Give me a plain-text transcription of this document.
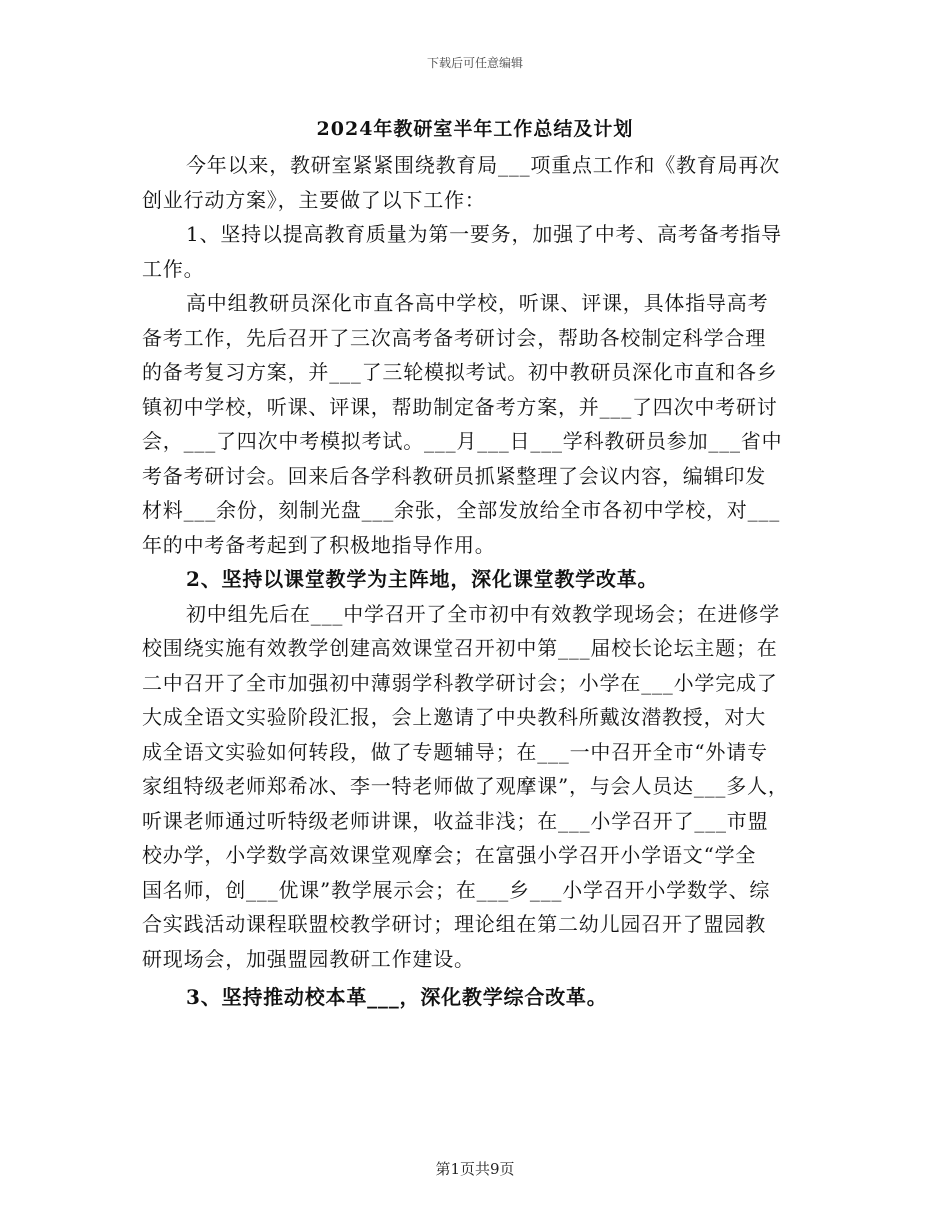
下载后可任意编辑
2024年教研室半年工作总结及计划
今年以来，教研室紧紧围绕教育局___项重点工作和《教育局再次
创业行动方案》，主要做了以下工作：
1、坚持以提高教育质量为第一要务，加强了中考、高考备考指导
工作。
高中组教研员深化市直各高中学校，听课、评课，具体指导高考
备考工作，先后召开了三次高考备考研讨会，帮助各校制定科学合理
的备考复习方案，并___了三轮模拟考试。初中教研员深化市直和各乡
镇初中学校，听课、评课，帮助制定备考方案，并___了四次中考研讨
会，___了四次中考模拟考试。___月___日___学科教研员参加___省中
考备考研讨会。回来后各学科教研员抓紧整理了会议内容，编辑印发
材料___余份，刻制光盘___余张，全部发放给全市各初中学校，对___
年的中考备考起到了积极地指导作用。
2、坚持以课堂教学为主阵地，深化课堂教学改革。
初中组先后在___中学召开了全市初中有效教学现场会；在进修学
校围绕实施有效教学创建高效课堂召开初中第___届校长论坛主题；在
二中召开了全市加强初中薄弱学科教学研讨会；小学在___小学完成了
大成全语文实验阶段汇报，会上邀请了中央教科所戴汝潜教授，对大
成全语文实验如何转段，做了专题辅导；在___一中召开全市“外请专
家组特级老师郑希冰、李一特老师做了观摩课”，与会人员达___多人，
听课老师通过听特级老师讲课，收益非浅；在___小学召开了___市盟
校办学，小学数学高效课堂观摩会；在富强小学召开小学语文“学全
国名师，创___优课”教学展示会；在___乡___小学召开小学数学、综
合实践活动课程联盟校教学研讨；理论组在第二幼儿园召开了盟园教
研现场会，加强盟园教研工作建设。
3、坚持推动校本革___，深化教学综合改革。
第1页共9页
